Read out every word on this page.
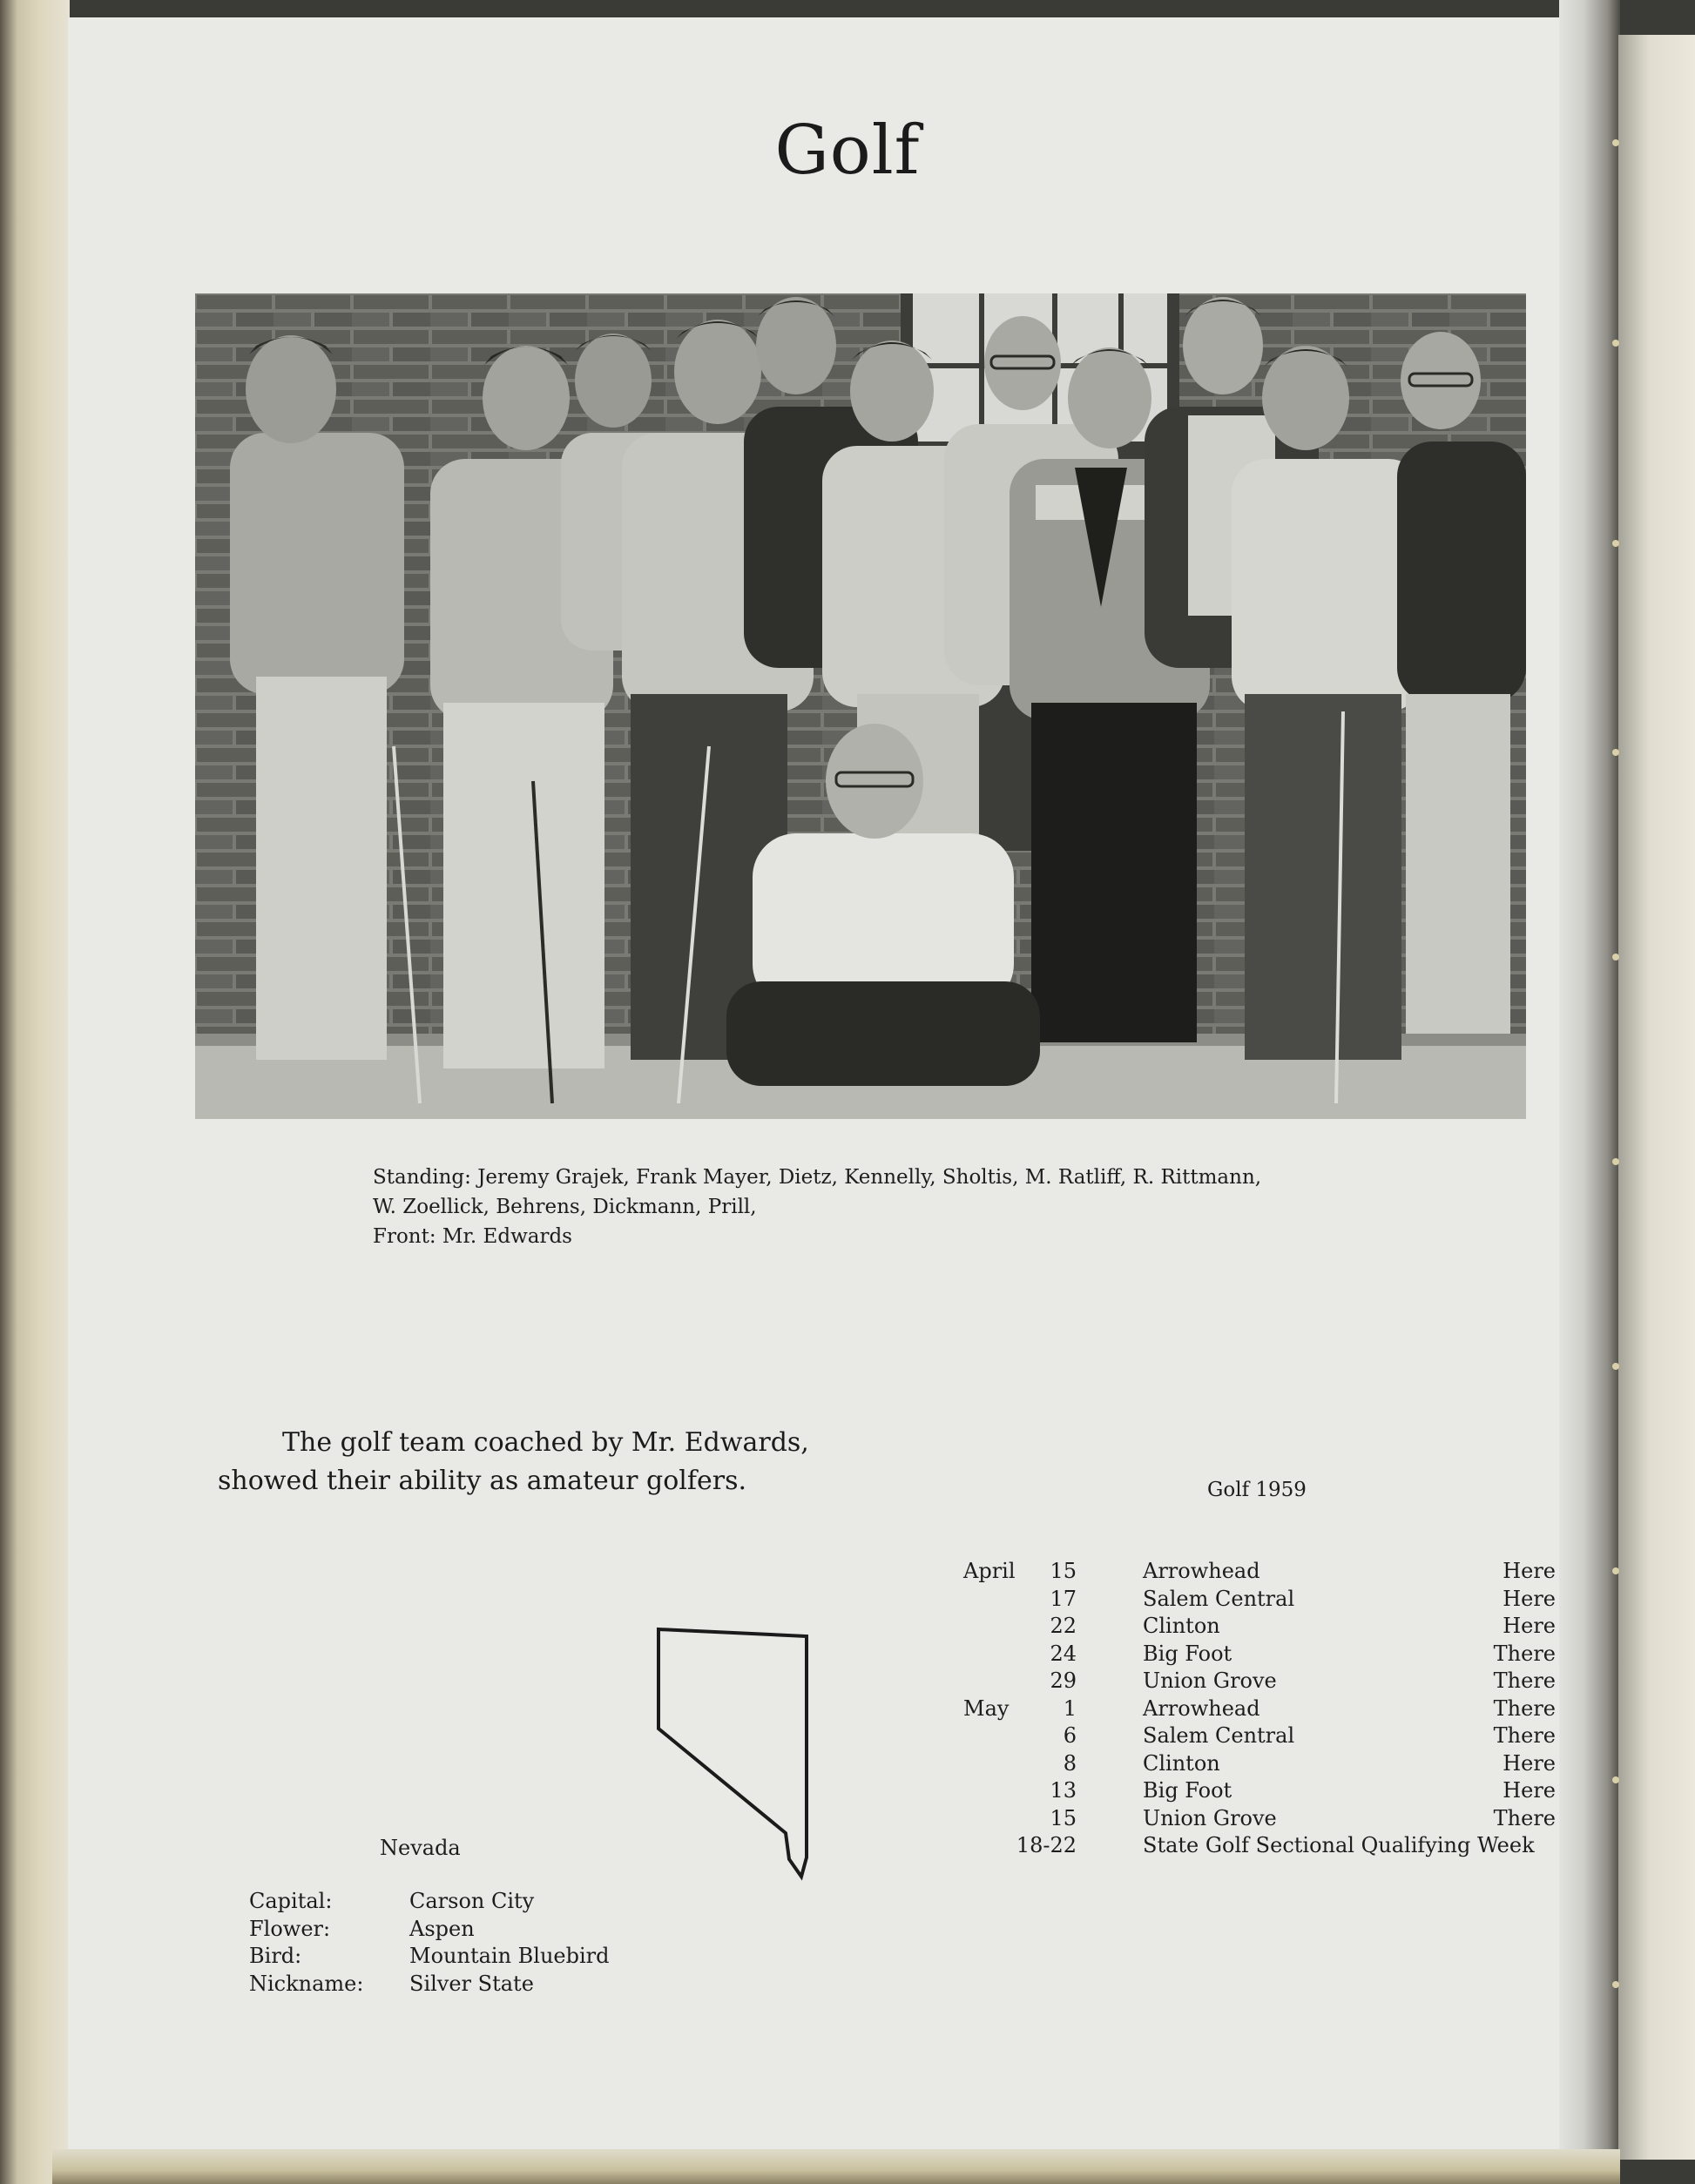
Golf
Standing: Jeremy Grajek, Frank Mayer, Dietz, Kennelly, Sholtis, M. Ratliff, R. Rittmann,
W. Zoellick, Behrens, Dickmann, Prill,
Front: Mr. Edwards
The golf team coached by Mr. Edwards,
showed their ability as amateur golfers.	Golf 1959
April 15	Arrowhead	Here
17	Salem Central	Here
22	Clinton	Here
24	Big Foot	There
29	Union Grove	There
May	1	Arrowhead	There
6	Salem Central	There
8	Clinton	Here
13	Big Foot	Here
15	Union Grove	There
18-22	State Golf Sectional Qualifying Week
Nevada
Capital:	Carson City
Flower:	Aspen
Bird:	Mountain Bluebird
Nickname: Silver State
